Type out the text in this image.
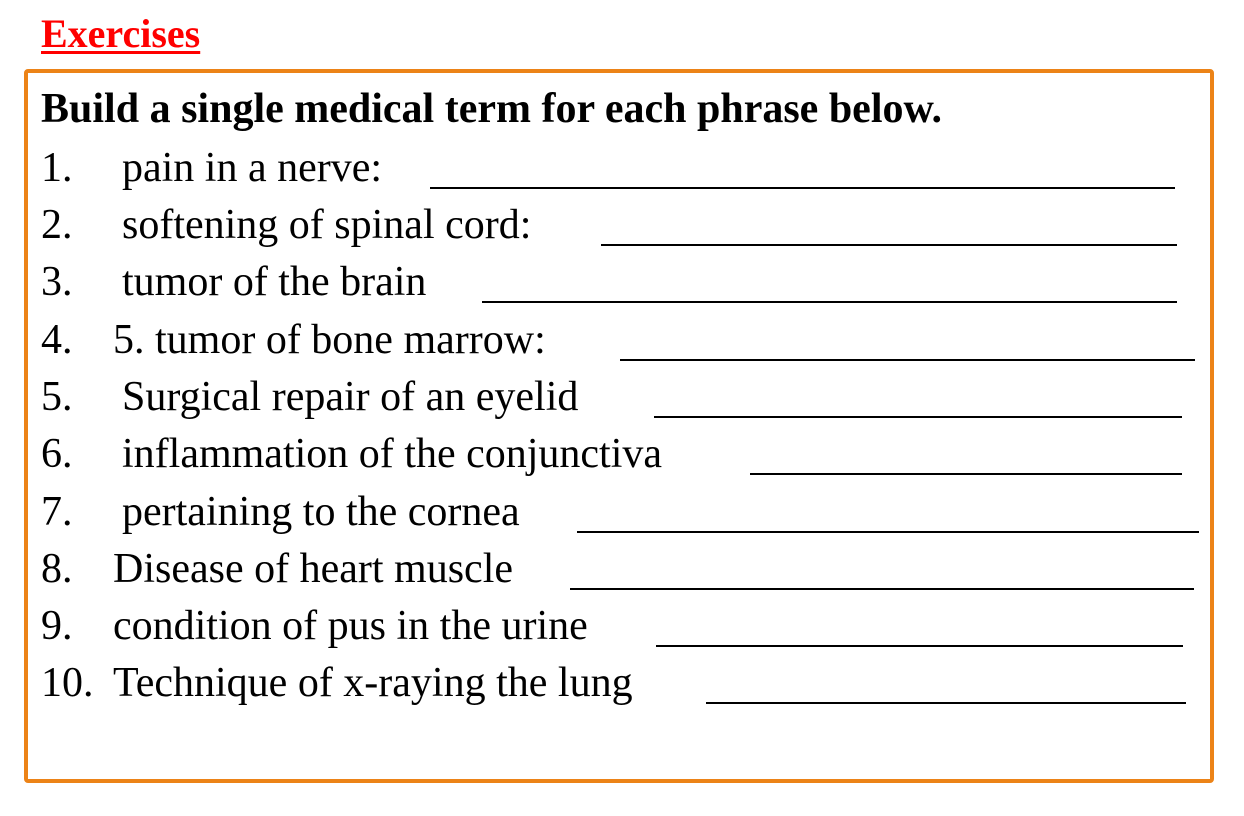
Exercises

Build a single medical term for each phrase below.

1. pain in a nerve:
2. softening of spinal cord:
3. tumor of the brain
4. 5. tumor of bone marrow:
5. Surgical repair of an eyelid
6. inflammation of the conjunctiva
7. pertaining to the cornea
8. Disease of heart muscle
9. condition of pus in the urine
10. Technique of x-raying the lung
